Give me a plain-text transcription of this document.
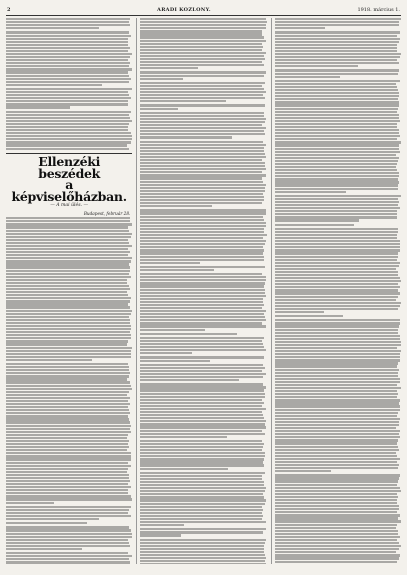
2	ARADI KOZLONY.	1918. március 1.
Ellenzéki beszédek
a képviselőházban.
— A mai ülés. —
Budapest, február 28.
